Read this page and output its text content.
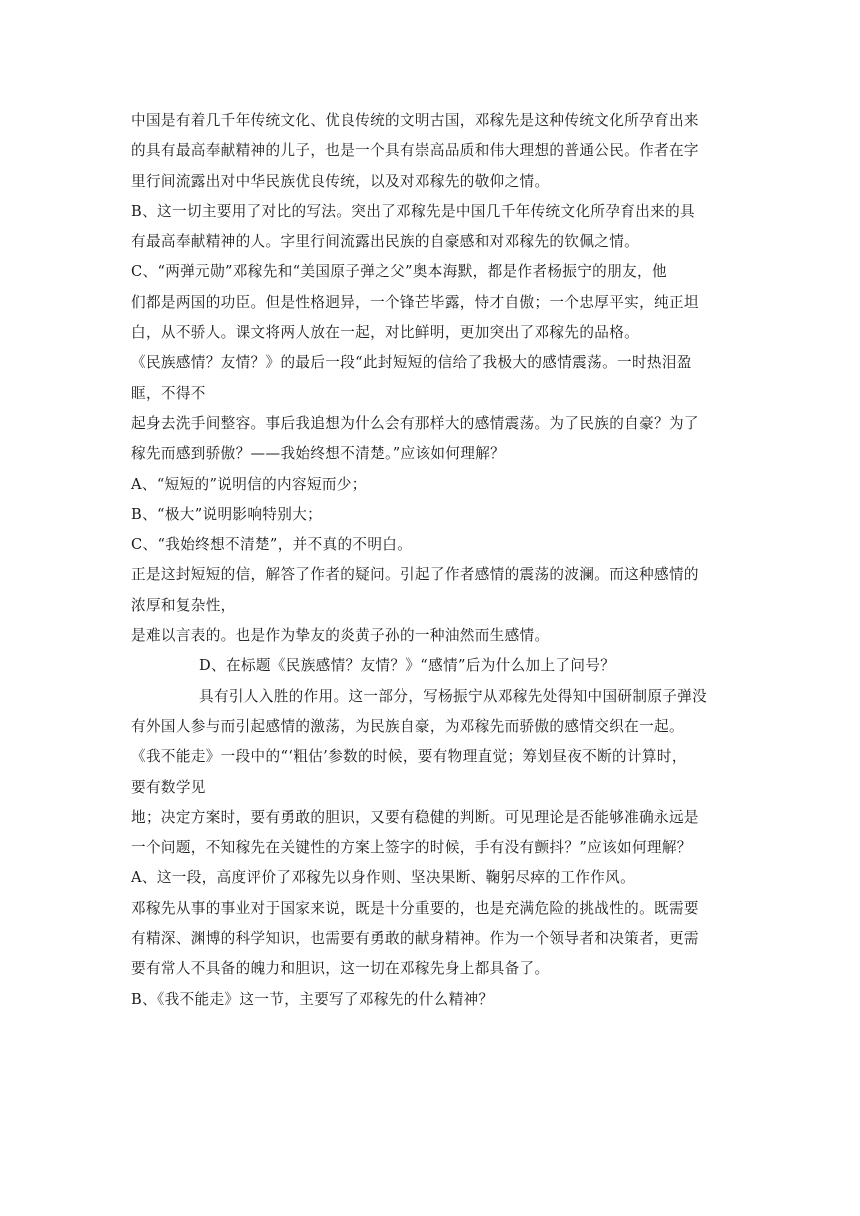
中国是有着几千年传统文化、优良传统的文明古国，邓稼先是这种传统文化所孕育出来
的具有最高奉献精神的儿子，也是一个具有崇高品质和伟大理想的普通公民。作者在字
里行间流露出对中华民族优良传统，以及对邓稼先的敬仰之情。
B、这一切主要用了对比的写法。突出了邓稼先是中国几千年传统文化所孕育出来的具
有最高奉献精神的人。字里行间流露出民族的自豪感和对邓稼先的钦佩之情。
C、“两弹元勋”邓稼先和“美国原子弹之父”奥本海默，都是作者杨振宁的朋友，他
们都是两国的功臣。但是性格迥异，一个锋芒毕露，恃才自傲；一个忠厚平实，纯正坦
白，从不骄人。课文将两人放在一起，对比鲜明，更加突出了邓稼先的品格。
《民族感情？友情？》的最后一段“此封短短的信给了我极大的感情震荡。一时热泪盈
眶，不得不
起身去洗手间整容。事后我追想为什么会有那样大的感情震荡。为了民族的自豪？为了
稼先而感到骄傲？——我始终想不清楚。”应该如何理解？
A、“短短的”说明信的内容短而少；
B、“极大”说明影响特别大；
C、“我始终想不清楚”，并不真的不明白。
正是这封短短的信，解答了作者的疑问。引起了作者感情的震荡的波澜。而这种感情的
浓厚和复杂性，
是难以言表的。也是作为挚友的炎黄子孙的一种油然而生感情。
D、在标题《民族感情？友情？》“感情”后为什么加上了问号？
具有引人入胜的作用。这一部分，写杨振宁从邓稼先处得知中国研制原子弹没
有外国人参与而引起感情的激荡，为民族自豪，为邓稼先而骄傲的感情交织在一起。
《我不能走》一段中的“‘粗估’参数的时候，要有物理直觉；筹划昼夜不断的计算时，
要有数学见
地；决定方案时，要有勇敢的胆识，又要有稳健的判断。可见理论是否能够准确永远是
一个问题，不知稼先在关键性的方案上签字的时候，手有没有颤抖？”应该如何理解？
A、这一段，高度评价了邓稼先以身作则、坚决果断、鞠躬尽瘁的工作作风。
邓稼先从事的事业对于国家来说，既是十分重要的，也是充满危险的挑战性的。既需要
有精深、渊博的科学知识，也需要有勇敢的献身精神。作为一个领导者和决策者，更需
要有常人不具备的魄力和胆识，这一切在邓稼先身上都具备了。
B、《我不能走》这一节，主要写了邓稼先的什么精神？
